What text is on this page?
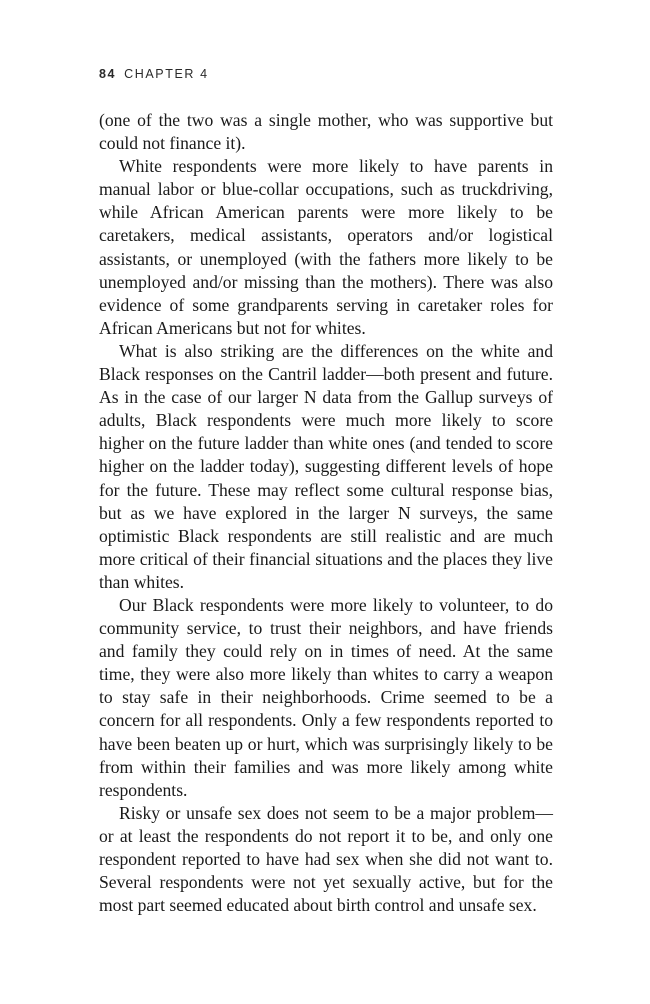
84 CHAPTER 4

(one of the two was a single mother, who was supportive but could not finance it).

White respondents were more likely to have parents in manual labor or blue-collar occupations, such as truckdriving, while African American parents were more likely to be caretakers, medical assistants, operators and/or logistical assistants, or unemployed (with the fathers more likely to be unemployed and/or missing than the mothers). There was also evidence of some grandparents serving in caretaker roles for African Americans but not for whites.

What is also striking are the differences on the white and Black responses on the Cantril ladder—both present and future. As in the case of our larger N data from the Gallup surveys of adults, Black respondents were much more likely to score higher on the future ladder than white ones (and tended to score higher on the ladder today), suggesting different levels of hope for the future. These may reflect some cultural response bias, but as we have explored in the larger N surveys, the same optimistic Black respondents are still realistic and are much more critical of their financial situations and the places they live than whites.

Our Black respondents were more likely to volunteer, to do community service, to trust their neighbors, and have friends and family they could rely on in times of need. At the same time, they were also more likely than whites to carry a weapon to stay safe in their neighborhoods. Crime seemed to be a concern for all respondents. Only a few respondents reported to have been beaten up or hurt, which was surprisingly likely to be from within their families and was more likely among white respondents.

Risky or unsafe sex does not seem to be a major problem—or at least the respondents do not report it to be, and only one respondent reported to have had sex when she did not want to. Several respondents were not yet sexually active, but for the most part seemed educated about birth control and unsafe sex.
